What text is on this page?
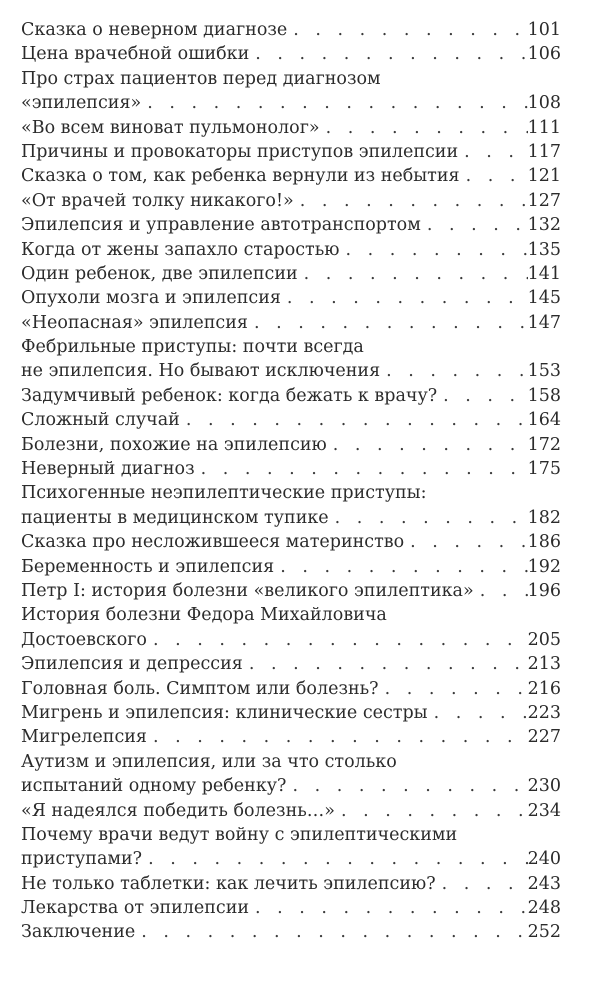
Сказка о неверном диагнозе . . .	101
Цена врачебной ошибки . . .	106
Про страх пациентов перед диагнозом
«эпилепсия» . . .	108
«Во всем виноват пульмонолог» . . .	111
Причины и провокаторы приступов эпилепсии . . .	117
Сказка о том, как ребенка вернули из небытия . . .	121
«От врачей толку никакого!» . . .	127
Эпилепсия и управление автотранспортом . . .	132
Когда от жены запахло старостью . . .	135
Один ребенок, две эпилепсии . . .	141
Опухоли мозга и эпилепсия . . .	145
«Неопасная» эпилепсия . . .	147
Фебрильные приступы: почти всегда
не эпилепсия. Но бывают исключения . . .	153
Задумчивый ребенок: когда бежать к врачу? . . .	158
Сложный случай . . .	164
Болезни, похожие на эпилепсию . . .	172
Неверный диагноз . . .	175
Психогенные неэпилептические приступы:
пациенты в медицинском тупике . . .	182
Сказка про несложившееся материнство . . .	186
Беременность и эпилепсия . . .	192
Петр I: история болезни «великого эпилептика» . . .	196
История болезни Федора Михайловича
Достоевского . . .	205
Эпилепсия и депрессия . . .	213
Головная боль. Симптом или болезнь? . . .	216
Мигрень и эпилепсия: клинические сестры . . .	223
Мигрелепсия . . .	227
Аутизм и эпилепсия, или за что столько
испытаний одному ребенку? . . .	230
«Я надеялся победить болезнь…» . . .	234
Почему врачи ведут войну с эпилептическими
приступами? . . .	240
Не только таблетки: как лечить эпилепсию? . . .	243
Лекарства от эпилепсии . . .	248
Заключение . . .	252
